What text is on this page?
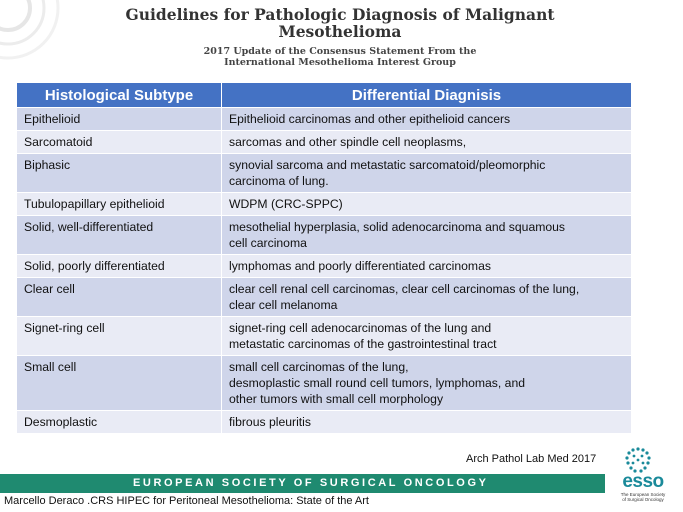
Guidelines for Pathologic Diagnosis of Malignant
Mesothelioma
2017 Update of the Consensus Statement From the
International Mesothelioma Interest Group
Histological Subtype	Differential Diagnisis
Epithelioid	Epithelioid carcinomas and other epithelioid cancers

Sarcomatoid	sarcomas and other spindle cell neoplasms,

Biphasic	synovial sarcoma and metastatic sarcomatoid/pleomorphic
carcinoma of lung.

Tubulopapillary epithelioid	WDPM (CRC-SPPC)

Solid, well-differentiated	mesothelial hyperplasia, solid adenocarcinoma and squamous
cell carcinoma

Solid, poorly differentiated	lymphomas and poorly differentiated carcinomas

Clear cell	clear cell renal cell carcinomas, clear cell carcinomas of the lung,
clear cell melanoma

Signet-ring cell	signet-ring cell adenocarcinomas of the lung and
metastatic carcinomas of the gastrointestinal tract

Small cell	small cell carcinomas of the lung,
desmoplastic small round cell tumors, lymphomas, and
other tumors with small cell morphology

Desmoplastic	fibrous pleuritis
Arch Pathol Lab Med 2017
EUROPEAN SOCIETY OF SURGICAL ONCOLOGY
Marcello Deraco .CRS HIPEC for Peritoneal Mesothelioma: State of the Art
esso
The European Society
of Surgical Oncology
